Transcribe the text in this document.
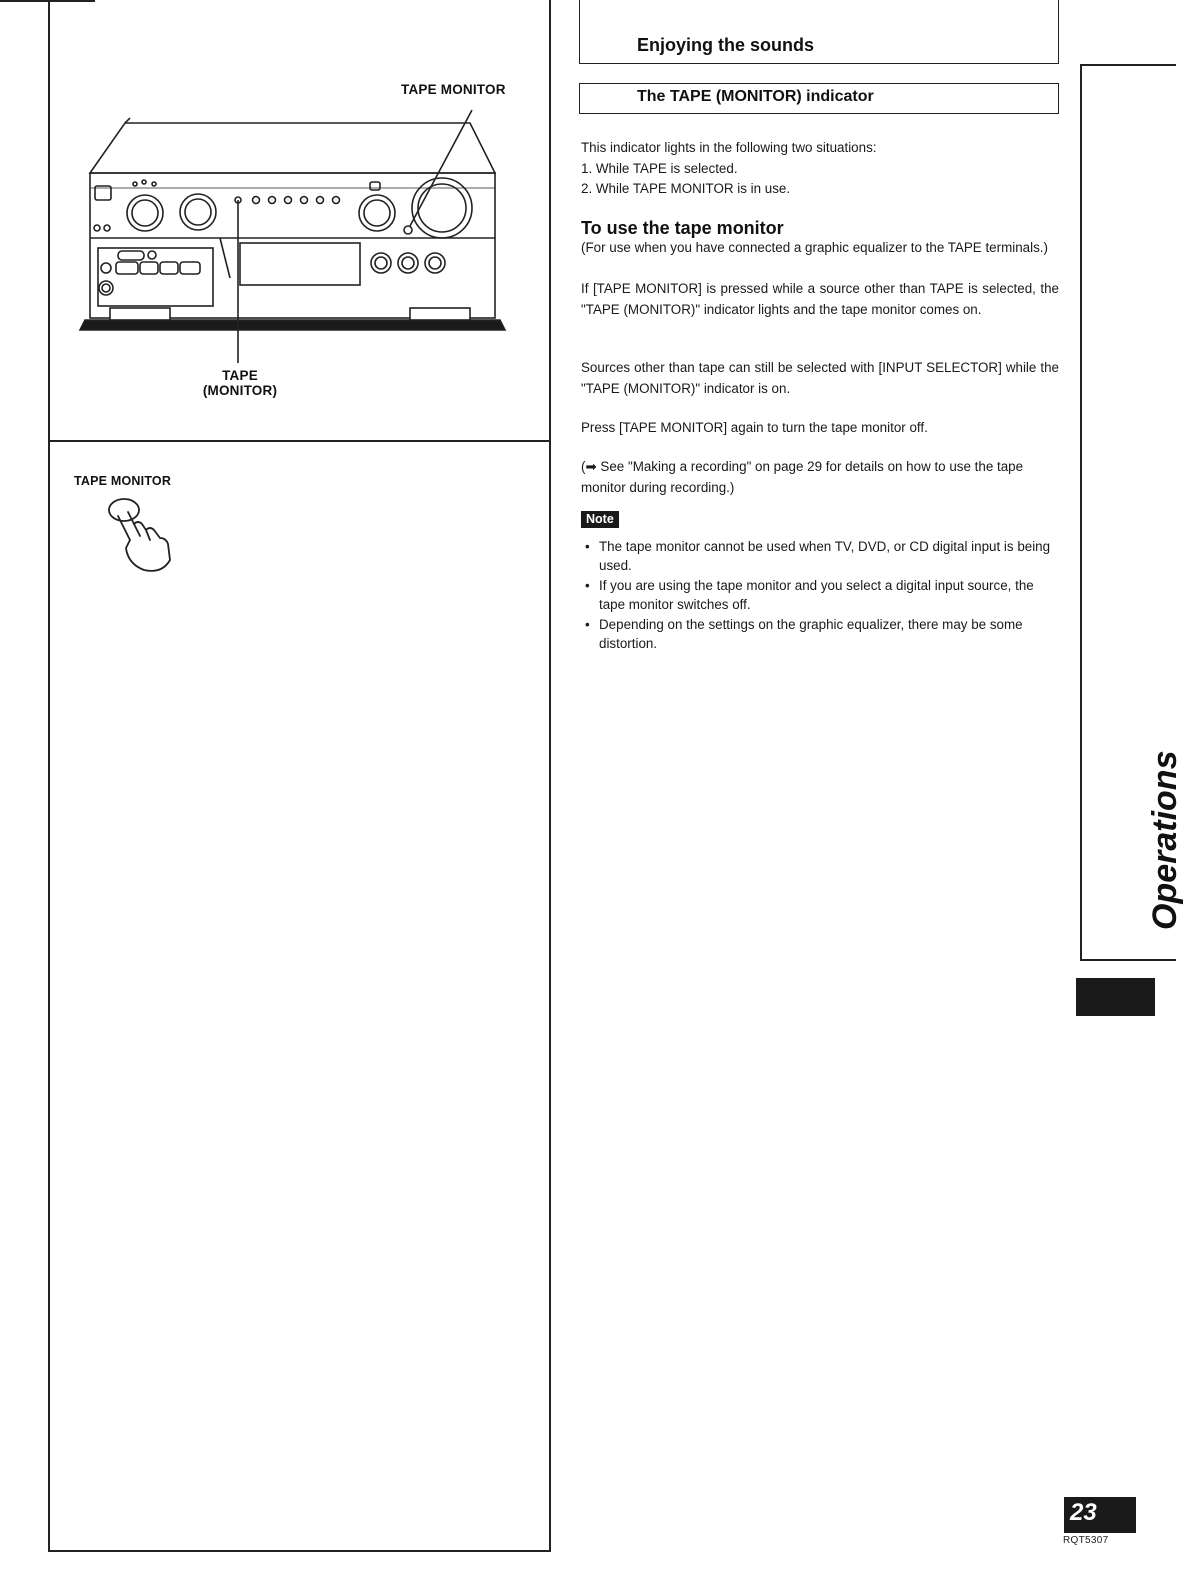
TAPE MONITOR
TAPE
(MONITOR)
TAPE MONITOR
Enjoying the sounds
The TAPE (MONITOR) indicator
This indicator lights in the following two situations:
1. While TAPE is selected.
2. While TAPE MONITOR is in use.
To use the tape monitor
(For use when you have connected a graphic equalizer to the TAPE terminals.)
If [TAPE MONITOR] is pressed while a source other than TAPE is selected, the "TAPE (MONITOR)" indicator lights and the tape monitor comes on.
Sources other than tape can still be selected with [INPUT SELECTOR] while the "TAPE (MONITOR)" indicator is on.
Press [TAPE MONITOR] again to turn the tape monitor off.
(➡ See "Making a recording" on page 29 for details on how to use the tape monitor during recording.)
Note
• The tape monitor cannot be used when TV, DVD, or CD digital input is being used.
• If you are using the tape monitor and you select a digital input source, the tape monitor switches off.
• Depending on the settings on the graphic equalizer, there may be some distortion.
Operations
23
RQT5307
